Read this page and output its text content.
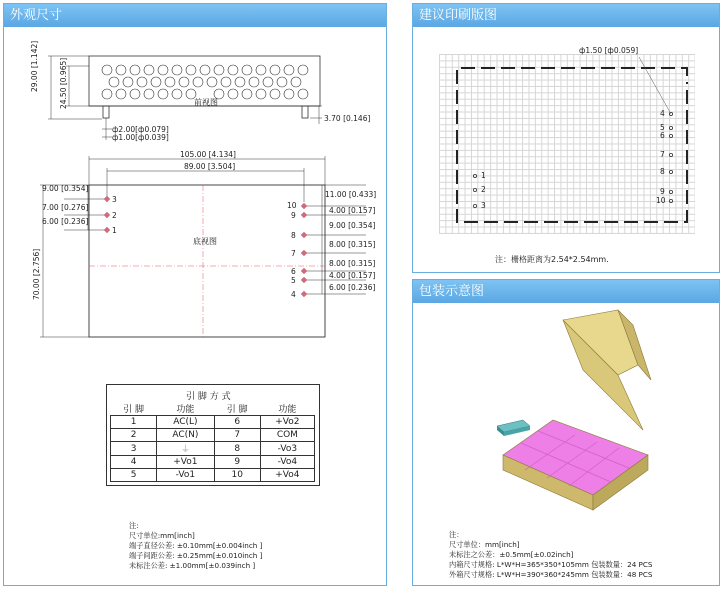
外观尺寸
29.00 [1.142]	24.50 [0.965]	前视图
3.70 [0.146]
ф2.00[ф0.079]
ф1.00[ф0.039]
105.00 [4.134]
89.00 [3.504]
70.00 [2.756]
底视图
9.00 [0.354]
7.00 [0.276]
6.00 [0.236]
3
2
1
10
9
8
7
6
5
4
11.00 [0.433]
4.00 [0.157]
9.00 [0.354]
8.00 [0.315]
8.00 [0.315]
4.00 [0.157]
6.00 [0.236]
引 脚 方 式
引 脚	功能	引 脚	功能
1	AC(L)	6	+Vo2
2	AC(N)	7	COM
3	⏚	8	-Vo3
4	+Vo1	9	-Vo4
5	-Vo1	10	+Vo4
注:
尺寸单位:mm[inch]
端子直径公差: ±0.10mm[±0.004inch ]
端子间距公差: ±0.25mm[±0.010inch ]
未标注公差: ±1.00mm[±0.039inch ]
建议印刷版图
ф1.50 [ф0.059]
1
2
3
4
5
6
7
8
9
10
注：栅格距离为2.54*2.54mm.
包装示意图
注：
尺寸单位：mm[inch]
未标注之公差：±0.5mm[±0.02inch]
内箱尺寸规格: L*W*H=365*350*105mm 包装数量：24 PCS
外箱尺寸规格: L*W*H=390*360*245mm 包装数量：48 PCS
